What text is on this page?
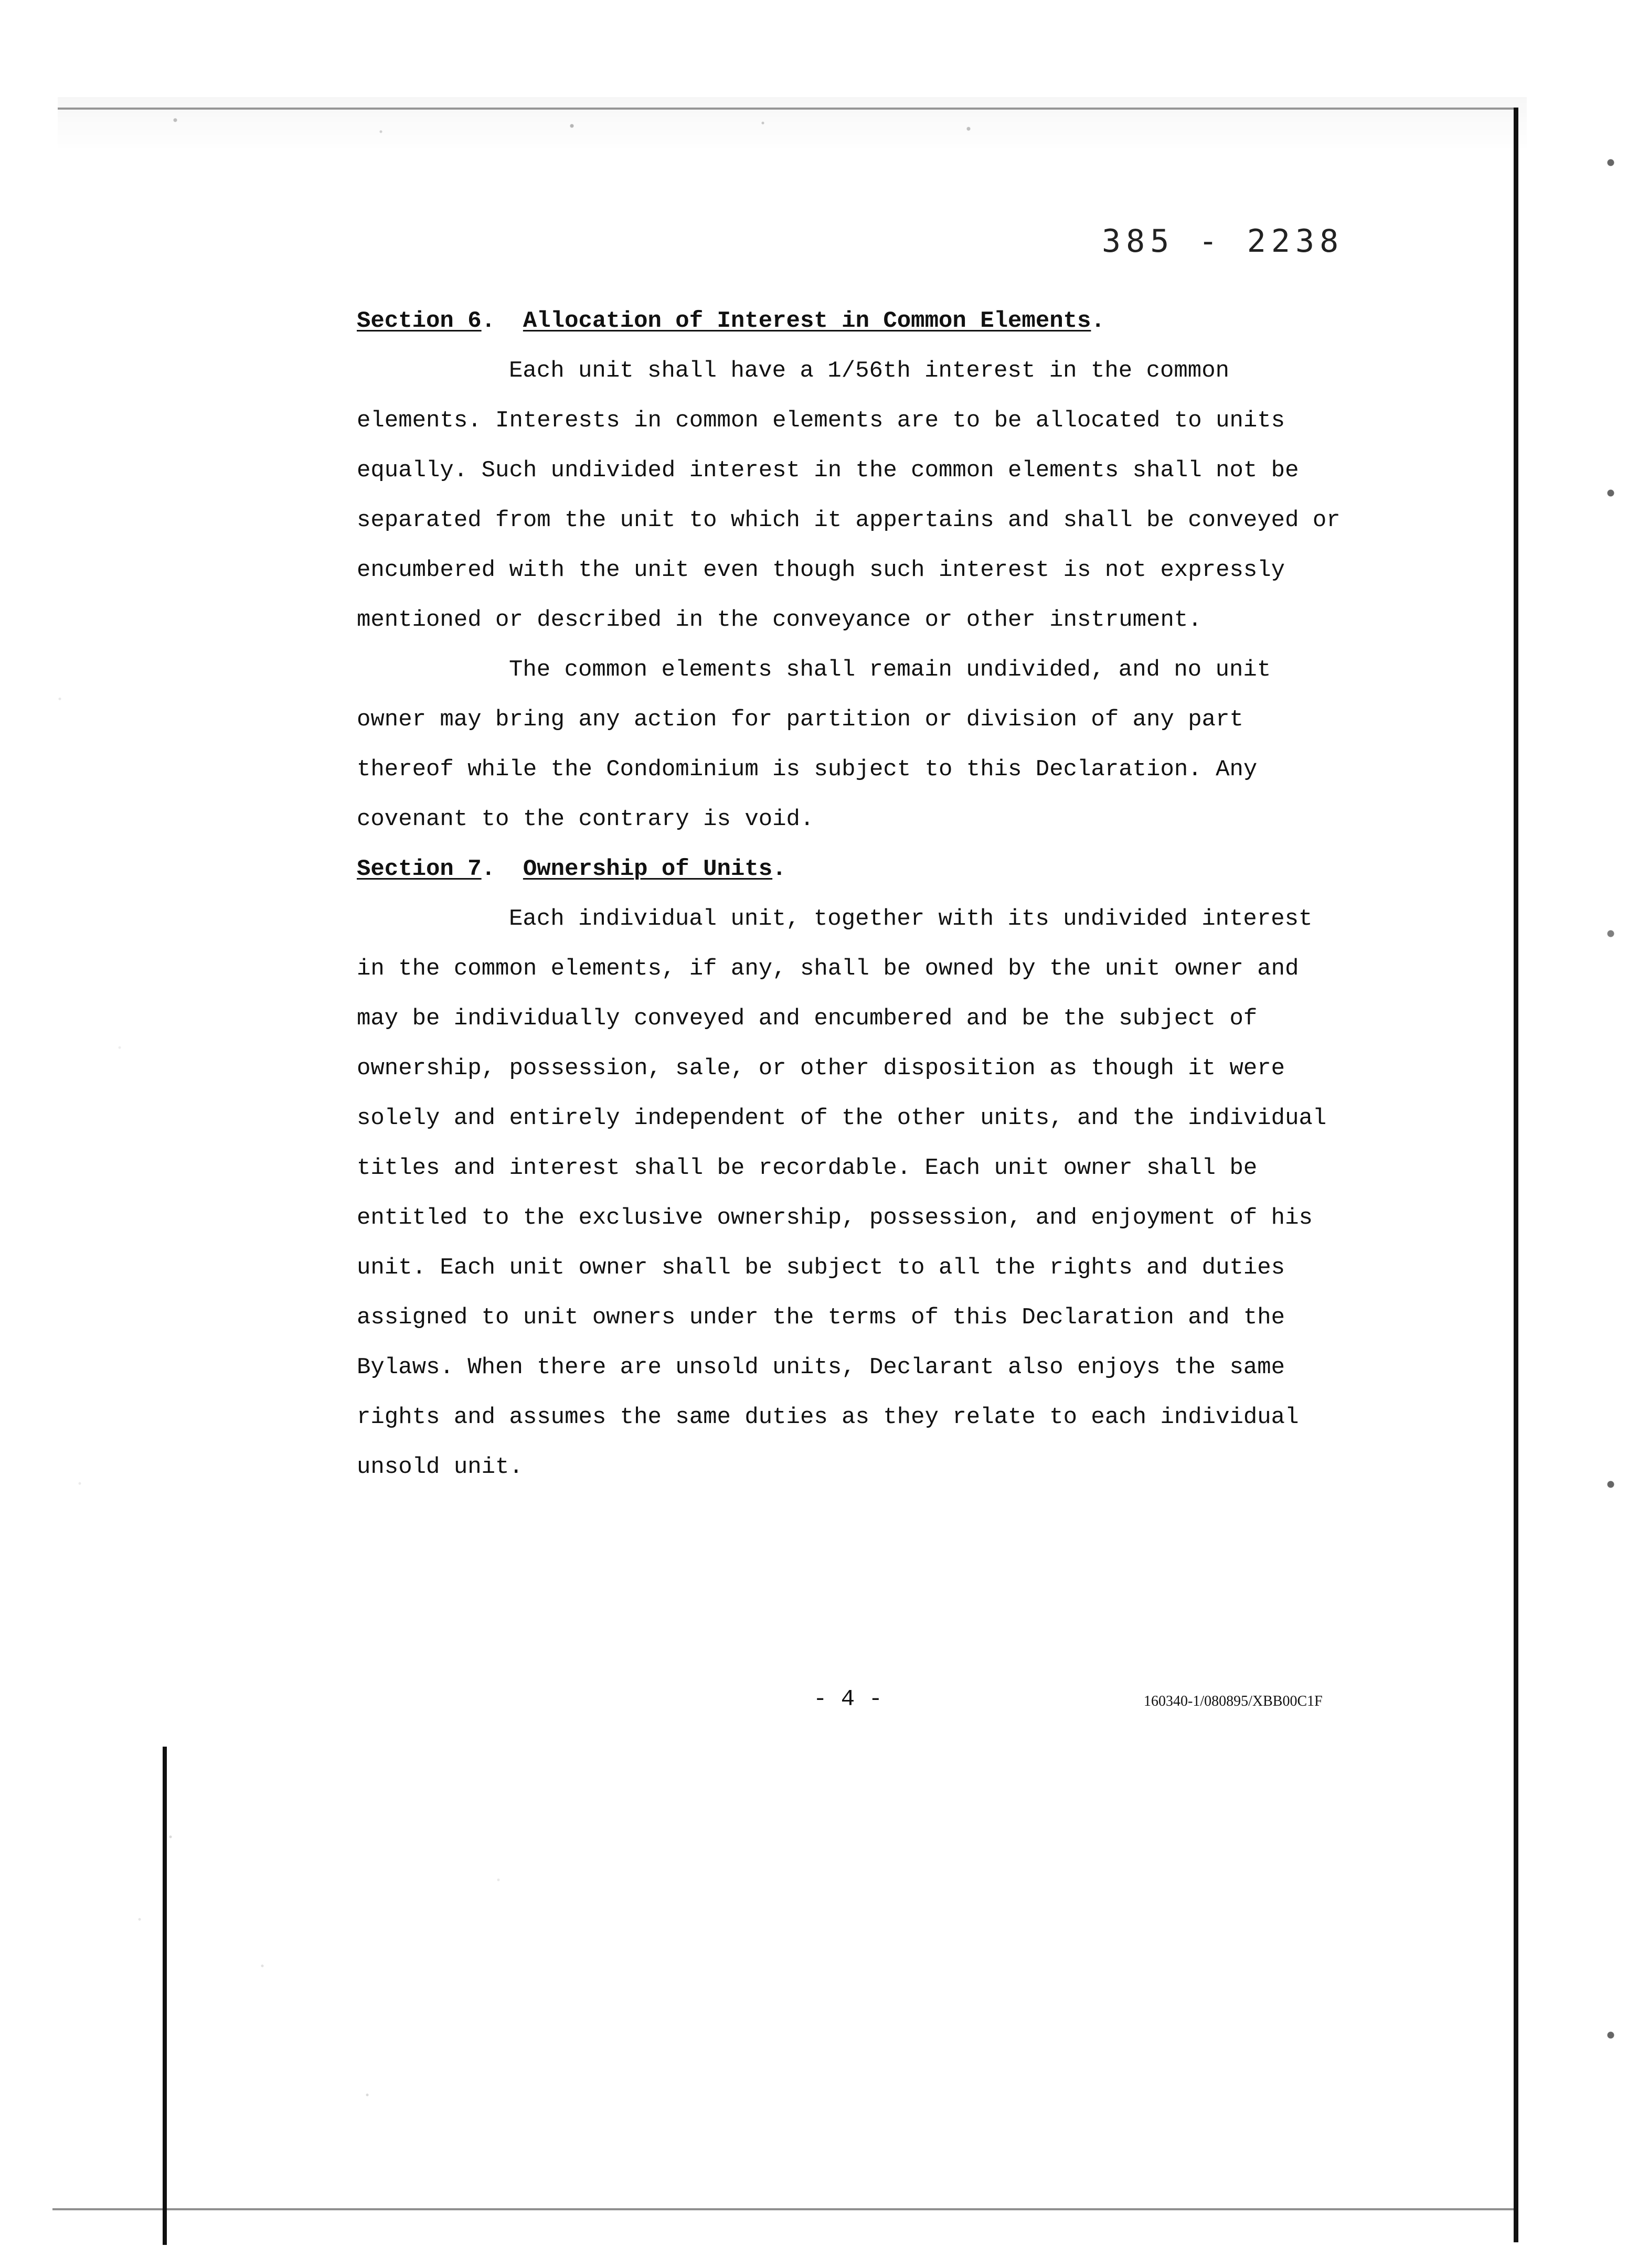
385 - 2238
Section 6.  Allocation of Interest in Common Elements.

Each unit shall have a 1/56th interest in the common elements. Interests in common elements are to be allocated to units equally. Such undivided interest in the common elements shall not be separated from the unit to which it appertains and shall be conveyed or encumbered with the unit even though such interest is not expressly mentioned or described in the conveyance or other instrument.

The common elements shall remain undivided, and no unit owner may bring any action for partition or division of any part thereof while the Condominium is subject to this Declaration. Any covenant to the contrary is void.

Section 7.  Ownership of Units.

Each individual unit, together with its undivided interest in the common elements, if any, shall be owned by the unit owner and may be individually conveyed and encumbered and be the subject of ownership, possession, sale, or other disposition as though it were solely and entirely independent of the other units, and the individual titles and interest shall be recordable. Each unit owner shall be entitled to the exclusive ownership, possession, and enjoyment of his unit. Each unit owner shall be subject to all the rights and duties assigned to unit owners under the terms of this Declaration and the Bylaws. When there are unsold units, Declarant also enjoys the same rights and assumes the same duties as they relate to each individual unsold unit.

- 4 -	160340-1/080895/XBB00C1F
